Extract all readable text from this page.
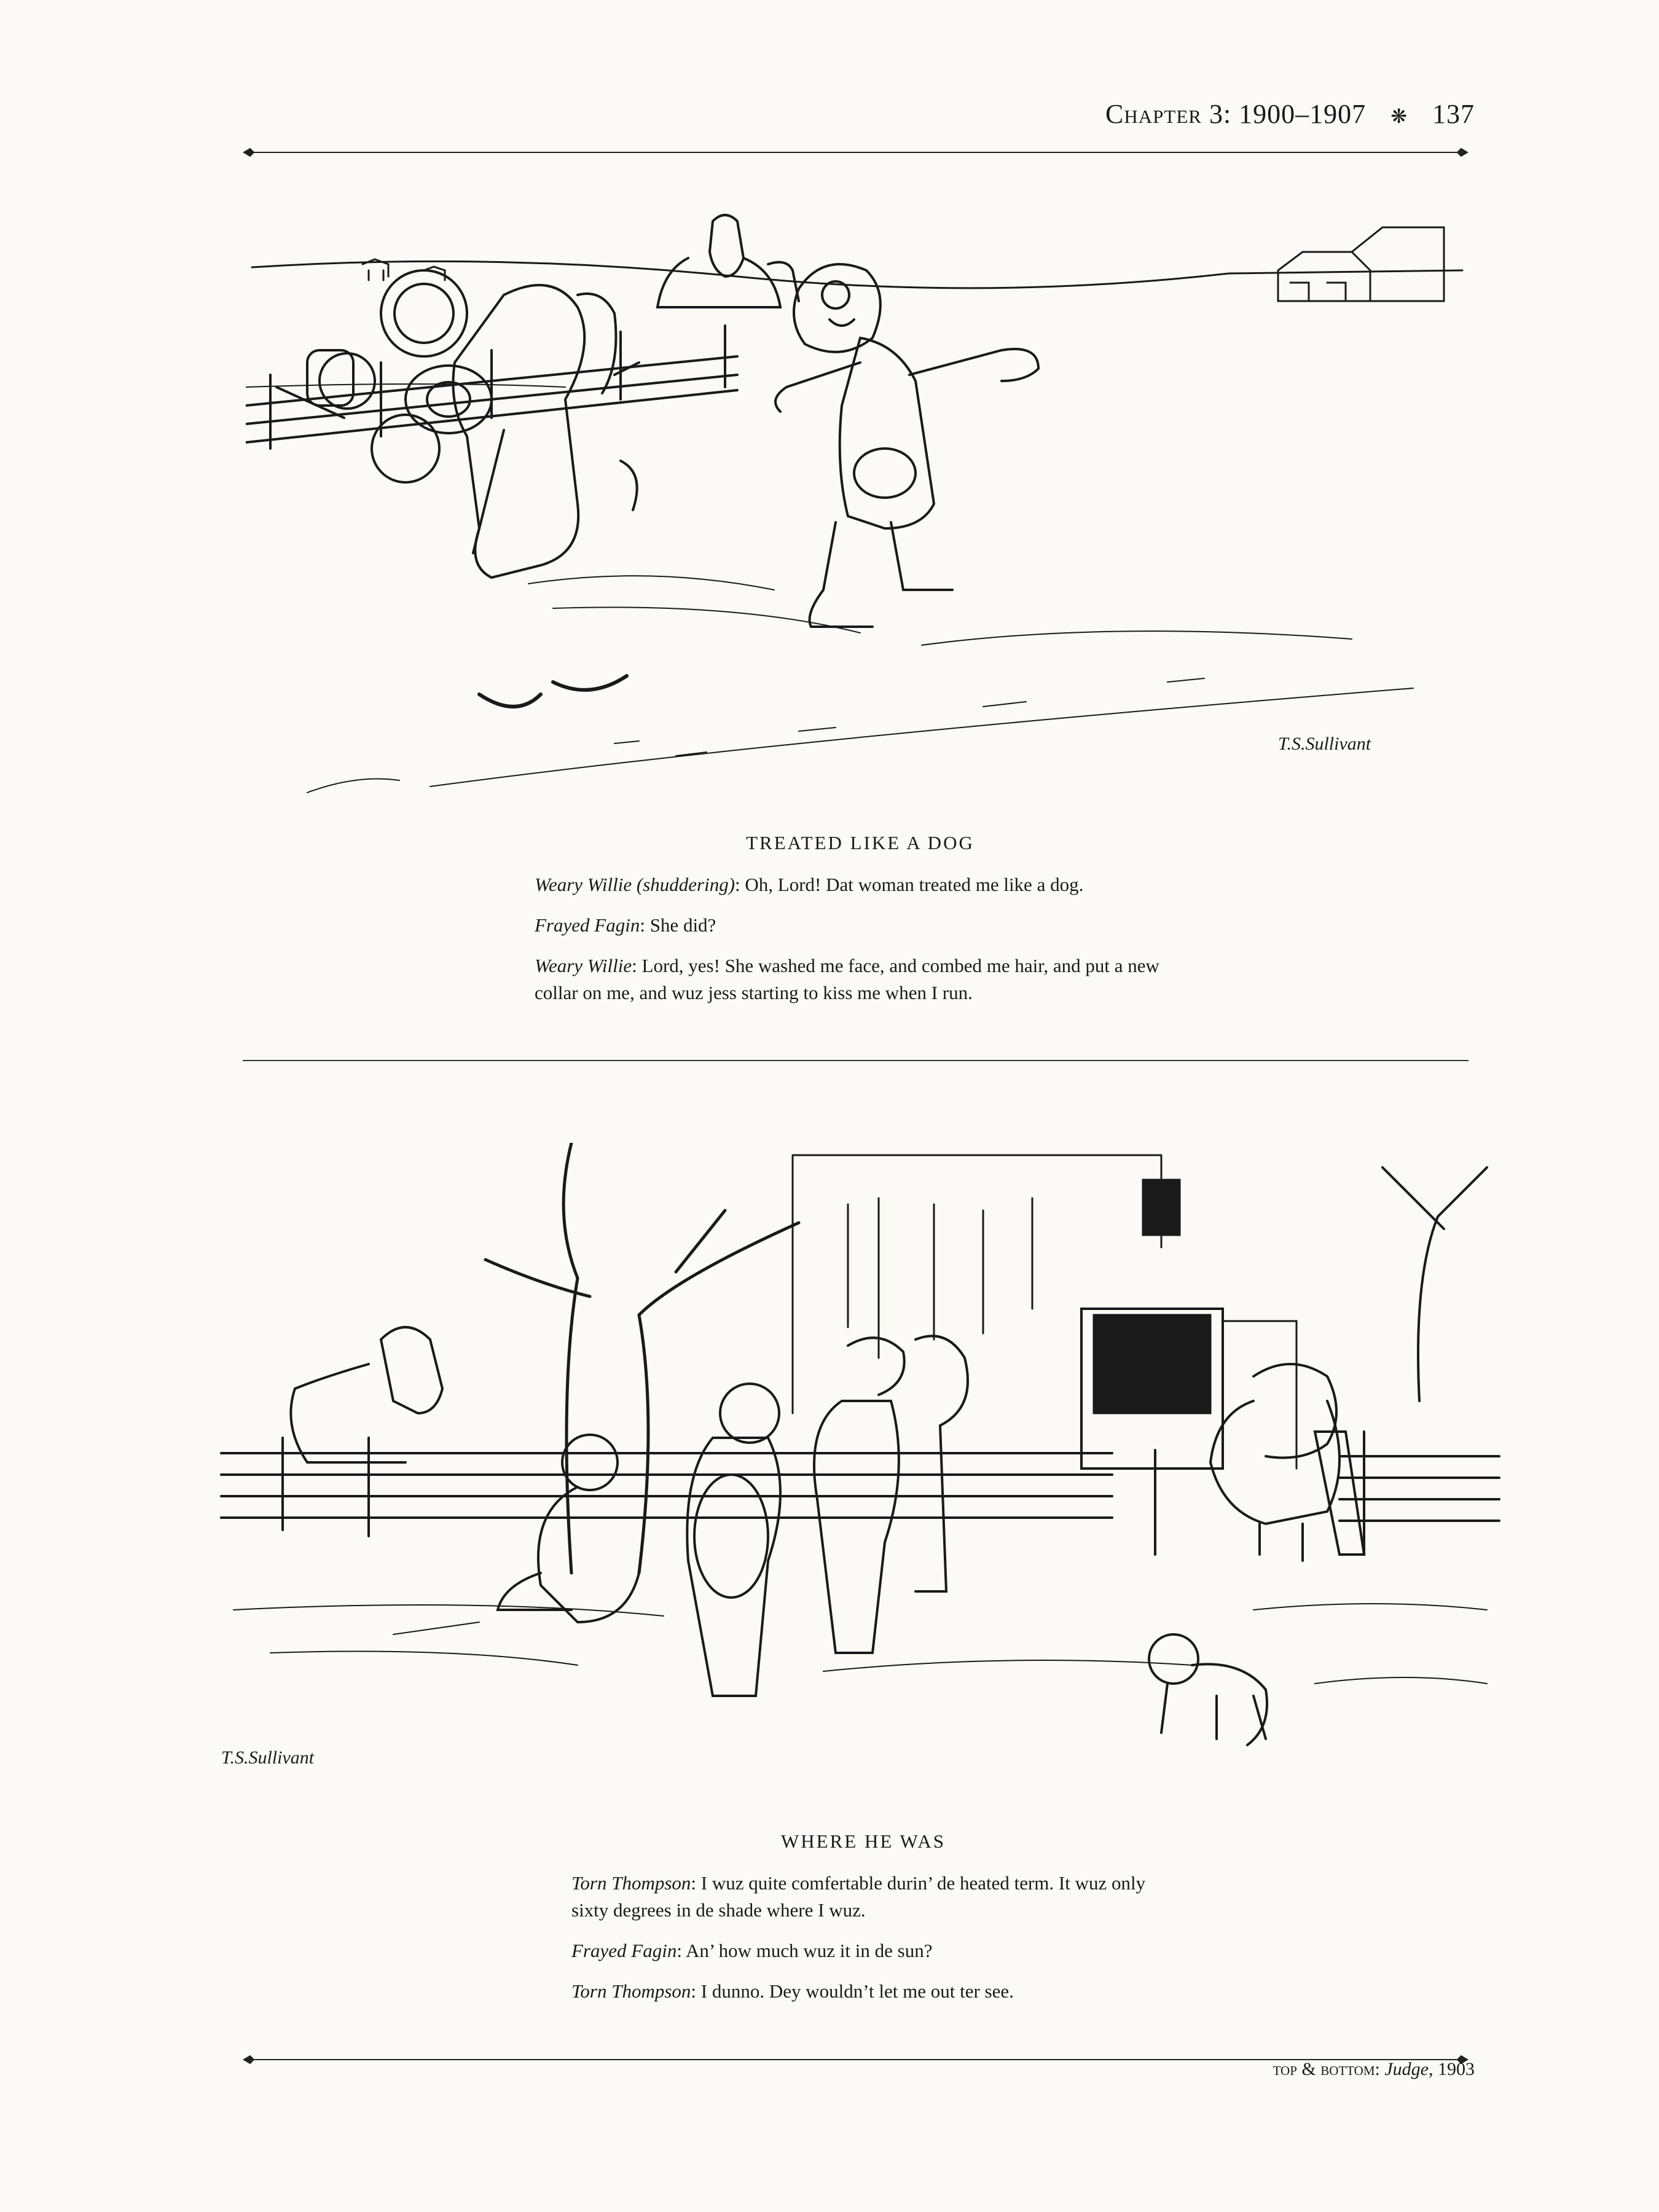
Chapter 3: 1900–1907 ❋ 137
T.S.Sullivant
TREATED LIKE A DOG

Weary Willie (shuddering): Oh, Lord! Dat woman treated me like a dog.

Frayed Fagin: She did?

Weary Willie: Lord, yes! She washed me face, and combed me hair, and put a new collar on me, and wuz jess starting to kiss me when I run.

T.S.Sullivant
WHERE HE WAS

Torn Thompson: I wuz quite comfertable durin’ de heated term. It wuz only sixty degrees in de shade where I wuz.

Frayed Fagin: An’ how much wuz it in de sun?

Torn Thompson: I dunno. Dey wouldn’t let me out ter see.

top & bottom: Judge, 1903
